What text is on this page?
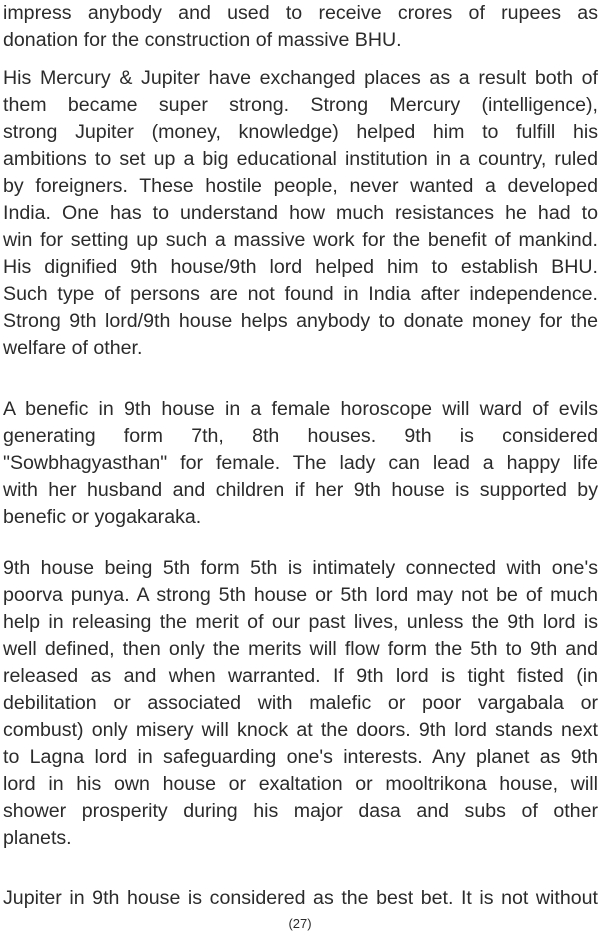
impress anybody and used to receive crores of rupees as
donation for the construction of massive BHU.
His Mercury & Jupiter have exchanged places as a result both of
them became super strong. Strong Mercury (intelligence),
strong Jupiter (money, knowledge) helped him to fulfill his
ambitions to set up a big educational institution in a country, ruled
by foreigners. These hostile people, never wanted a developed
India. One has to understand how much resistances he had to
win for setting up such a massive work for the benefit of mankind.
His dignified 9th house/9th lord helped him to establish BHU.
Such type of persons are not found in India after independence.
Strong 9th lord/9th house helps anybody to donate money for the
welfare of other.
A benefic in 9th house in a female horoscope will ward of evils
generating form 7th, 8th houses. 9th is considered
"Sowbhagyasthan" for female. The lady can lead a happy life
with her husband and children if her 9th house is supported by
benefic or yogakaraka.
9th house being 5th form 5th is intimately connected with one's
poorva punya. A strong 5th house or 5th lord may not be of much
help in releasing the merit of our past lives, unless the 9th lord is
well defined, then only the merits will flow form the 5th to 9th and
released as and when warranted. If 9th lord is tight fisted (in
debilitation or associated with malefic or poor vargabala or
combust) only misery will knock at the doors. 9th lord stands next
to Lagna lord in safeguarding one's interests. Any planet as 9th
lord in his own house or exaltation or mooltrikona house, will
shower prosperity during his major dasa and subs of other
planets.
Jupiter in 9th house is considered as the best bet. It is not without
(27)
